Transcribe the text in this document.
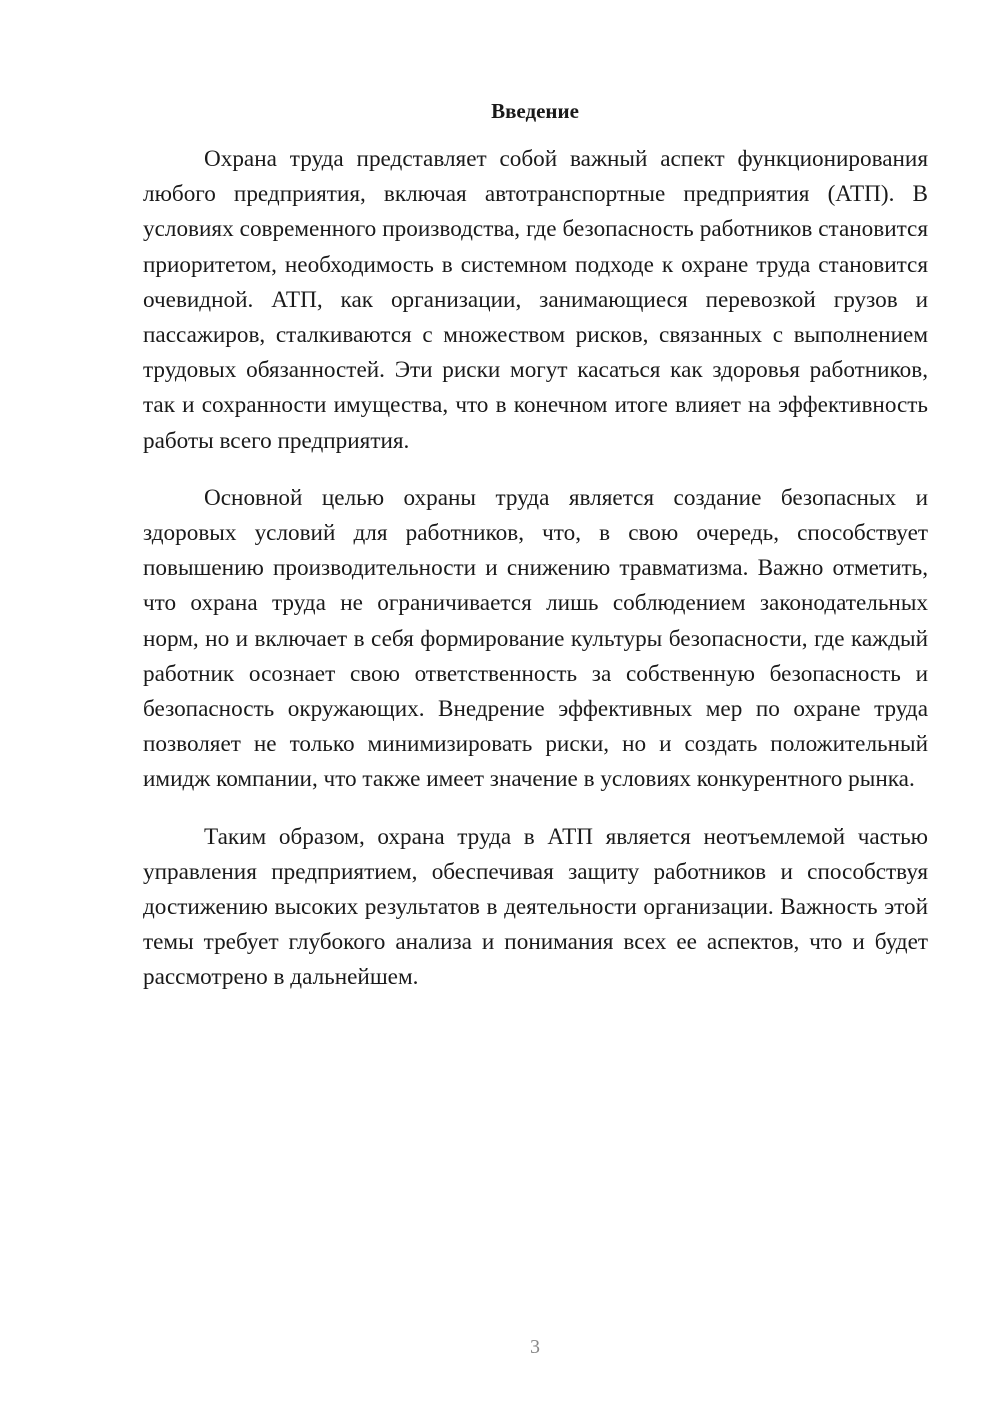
Введение

Охрана труда представляет собой важный аспект функционирования любого предприятия, включая автотранспортные предприятия (АТП). В условиях современного производства, где безопасность работников становится приоритетом, необходимость в системном подходе к охране труда становится очевидной. АТП, как организации, занимающиеся перевозкой грузов и пассажиров, сталкиваются с множеством рисков, связанных с выполнением трудовых обязанностей. Эти риски могут касаться как здоровья работников, так и сохранности имущества, что в конечном итоге влияет на эффективность работы всего предприятия.

Основной целью охраны труда является создание безопасных и здоровых условий для работников, что, в свою очередь, способствует повышению производительности и снижению травматизма. Важно отметить, что охрана труда не ограничивается лишь соблюдением законодательных норм, но и включает в себя формирование культуры безопасности, где каждый работник осознает свою ответственность за собственную безопасность и безопасность окружающих. Внедрение эффективных мер по охране труда позволяет не только минимизировать риски, но и создать положительный имидж компании, что также имеет значение в условиях конкурентного рынка.

Таким образом, охрана труда в АТП является неотъемлемой частью управления предприятием, обеспечивая защиту работников и способствуя достижению высоких результатов в деятельности организации. Важность этой темы требует глубокого анализа и понимания всех ее аспектов, что и будет рассмотрено в дальнейшем.

3
